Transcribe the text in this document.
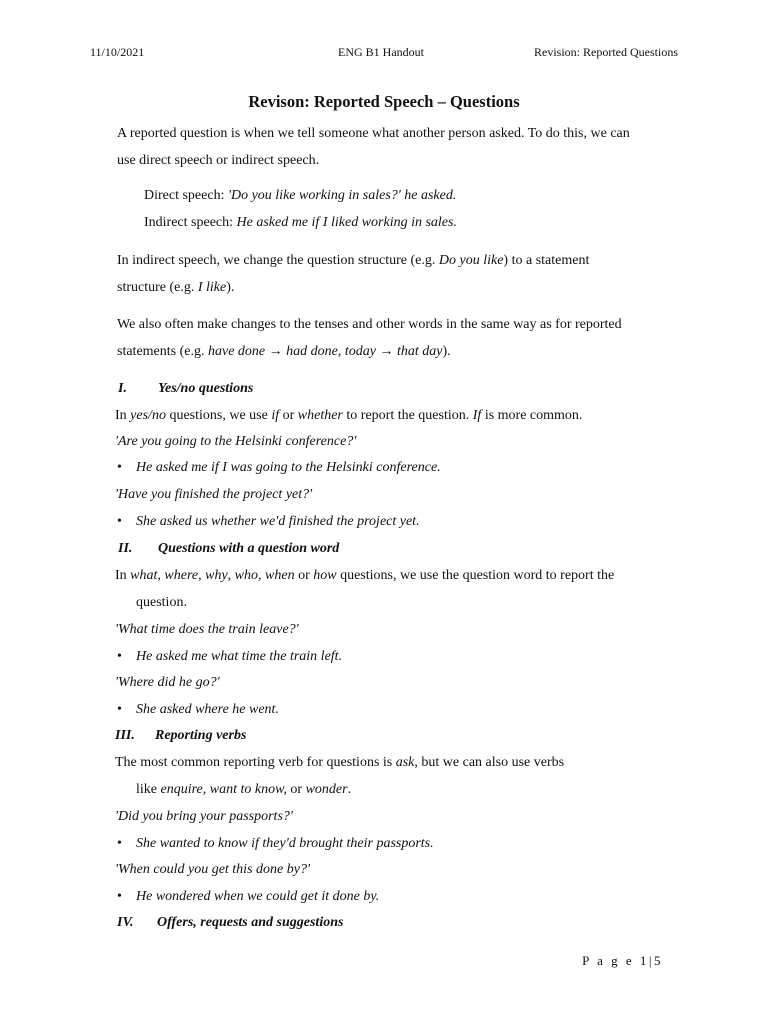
11/10/2021	ENG B1 Handout	Revision: Reported Questions
Revison: Reported Speech – Questions
A reported question is when we tell someone what another person asked. To do this, we can
use direct speech or indirect speech.
Direct speech: 'Do you like working in sales?' he asked.
Indirect speech: He asked me if I liked working in sales.
In indirect speech, we change the question structure (e.g. Do you like) to a statement
structure (e.g. I like).
We also often make changes to the tenses and other words in the same way as for reported
statements (e.g. have done → had done, today → that day).
I. Yes/no questions
In yes/no questions, we use if or whether to report the question. If is more common.
'Are you going to the Helsinki conference?'
• He asked me if I was going to the Helsinki conference.
'Have you finished the project yet?'
• She asked us whether we'd finished the project yet.
II. Questions with a question word
In what, where, why, who, when or how questions, we use the question word to report the
question.
'What time does the train leave?'
• He asked me what time the train left.
'Where did he go?'
• She asked where he went.
III. Reporting verbs
The most common reporting verb for questions is ask, but we can also use verbs
like enquire, want to know, or wonder.
'Did you bring your passports?'
• She wanted to know if they'd brought their passports.
'When could you get this done by?'
• He wondered when we could get it done by.
IV. Offers, requests and suggestions
P a g e 1|5
